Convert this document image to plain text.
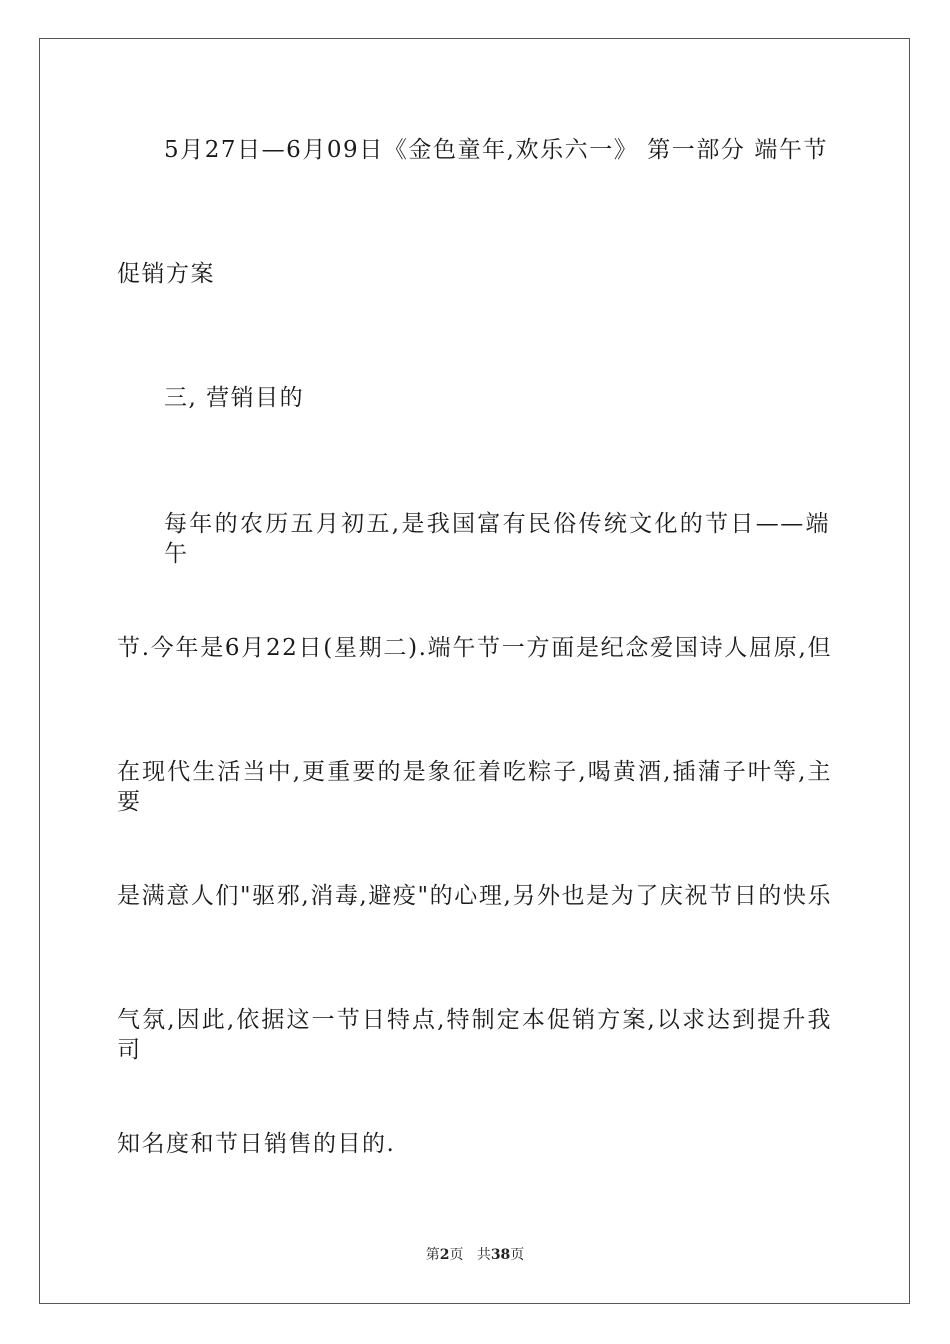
5月27日—6月09日《金色童年,欢乐六一》 第一部分 端午节
促销方案
三, 营销目的
每年的农历五月初五,是我国富有民俗传统文化的节日——端午
节.今年是6月22日(星期二).端午节一方面是纪念爱国诗人屈原,但
在现代生活当中,更重要的是象征着吃粽子,喝黄酒,插蒲子叶等,主要
是满意人们"驱邪,消毒,避疫"的心理,另外也是为了庆祝节日的快乐
气氛,因此,依据这一节日特点,特制定本促销方案,以求达到提升我司
知名度和节日销售的目的.
第2页 共38页
